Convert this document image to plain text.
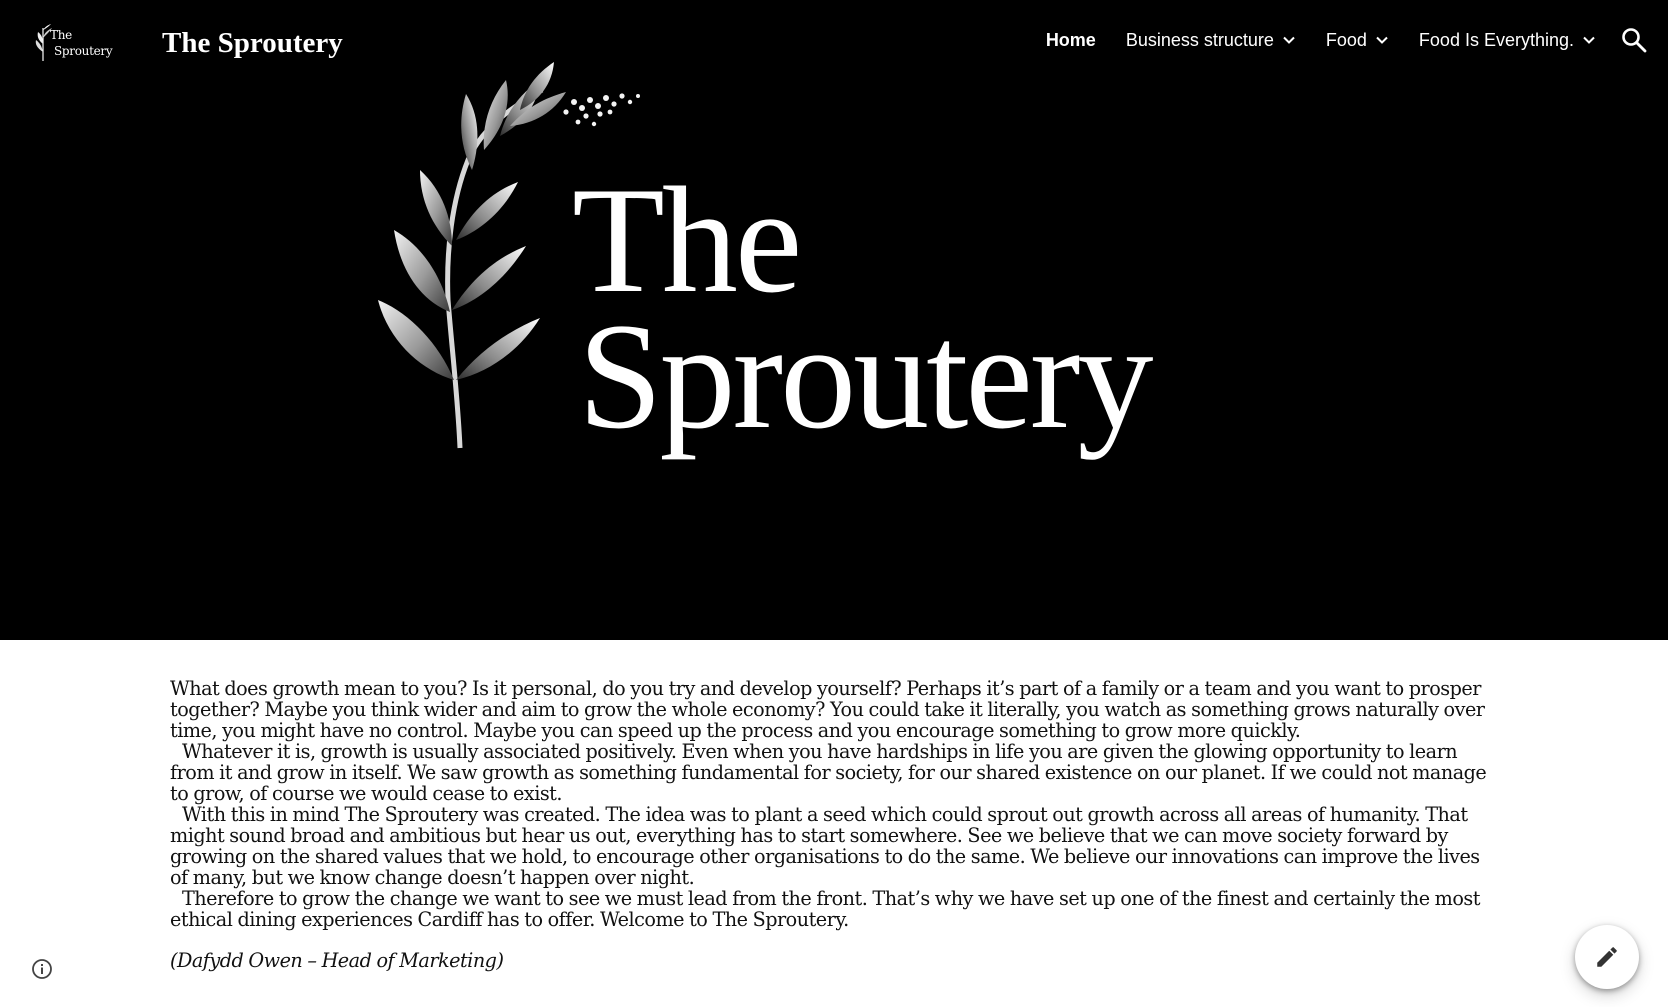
The
Sproutery The Sproutery	Home Business structure	Food	Food Is Everything.
The
Sproutery

What does growth mean to you? Is it personal, do you try and develop yourself? Perhaps it’s part of a family or a team and you want to prosper together? Maybe you think wider and aim to grow the whole economy? You could take it literally, you watch as something grows naturally over time, you might have no control. Maybe you can speed up the process and you encourage something to grow more quickly.

Whatever it is, growth is usually associated positively. Even when you have hardships in life you are given the glowing opportunity to learn from it and grow in itself. We saw growth as something fundamental for society, for our shared existence on our planet. If we could not manage to grow, of course we would cease to exist.

With this in mind The Sproutery was created. The idea was to plant a seed which could sprout out growth across all areas of humanity. That might sound broad and ambitious but hear us out, everything has to start somewhere. See we believe that we can move society forward by growing on the shared values that we hold, to encourage other organisations to do the same. We believe our innovations can improve the lives of many, but we know change doesn’t happen over night.

Therefore to grow the change we want to see we must lead from the front. That’s why we have set up one of the finest and certainly the most ethical dining experiences Cardiff has to offer. Welcome to The Sproutery.

(Dafydd Owen – Head of Marketing)
